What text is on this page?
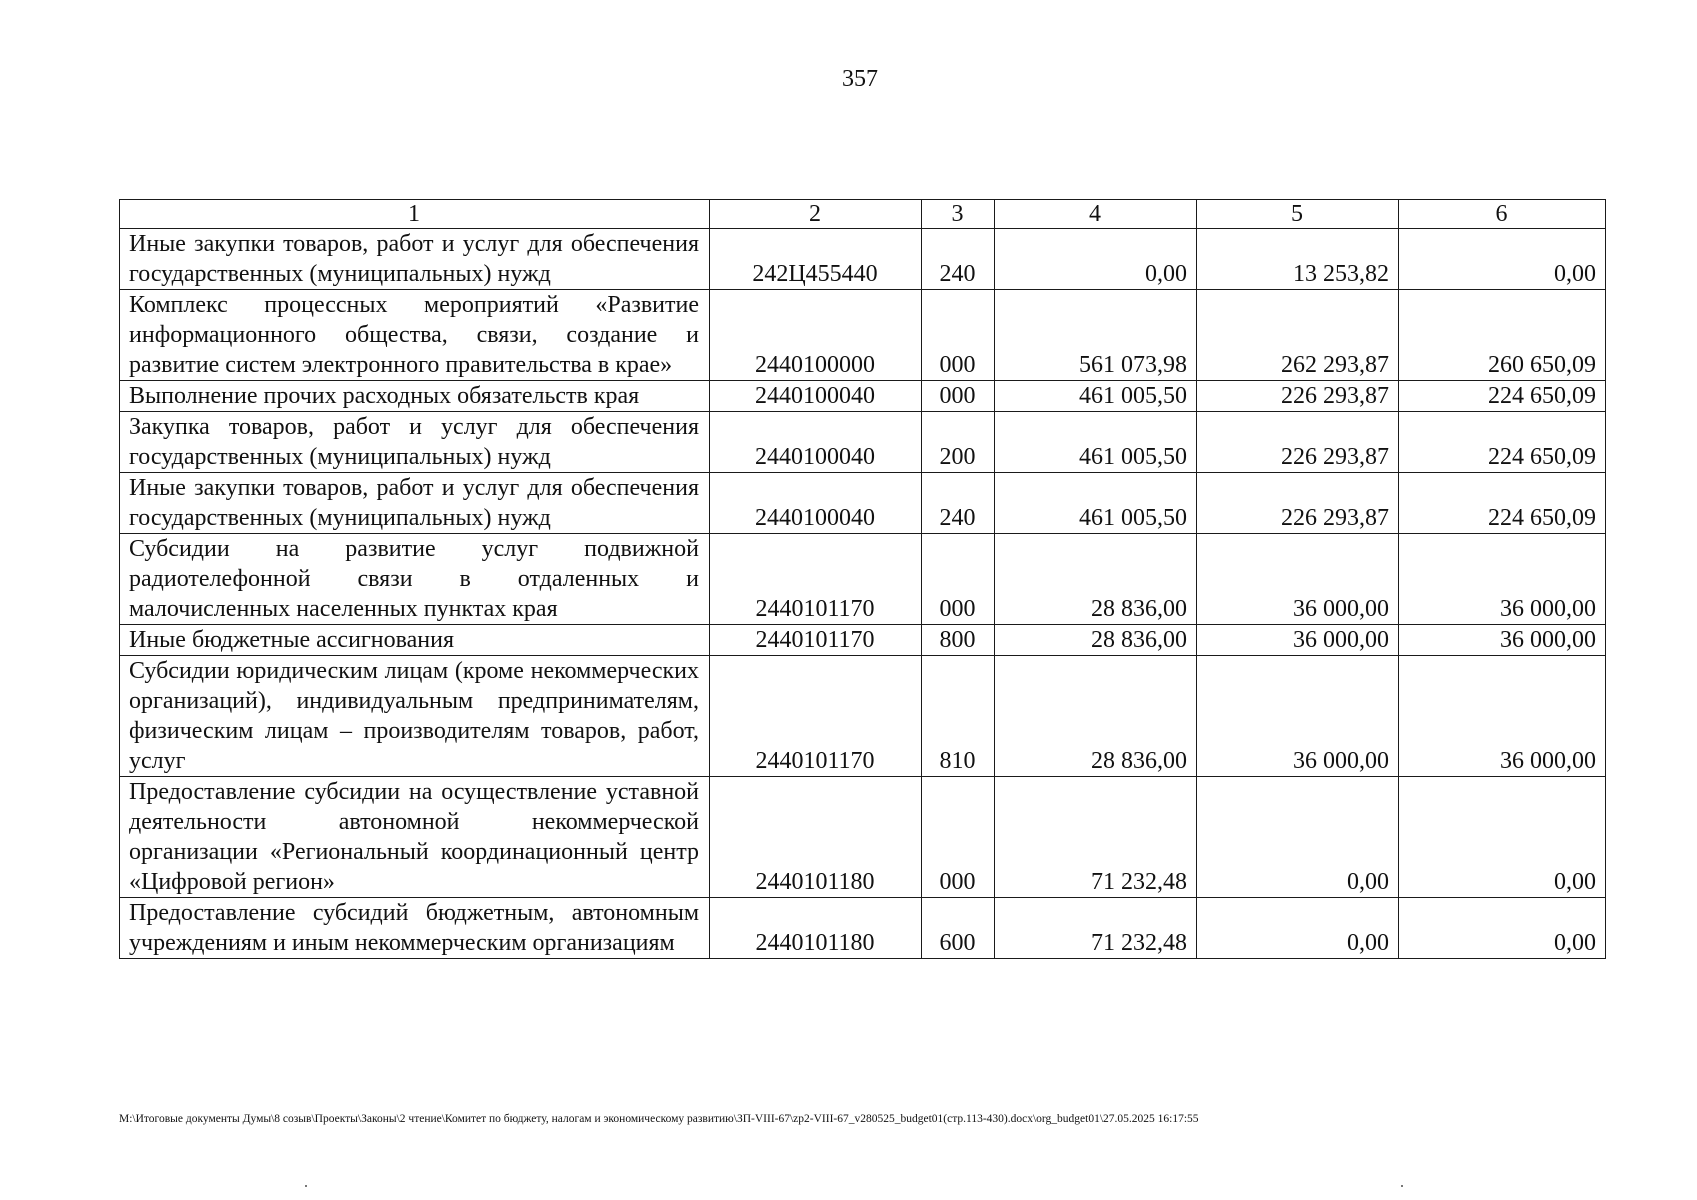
357
1	2	3	4	5	6
Иные закупки товаров, работ и услуг для обеспечения государственных (муниципальных) нужд	242Ц455440	240	0,00	13 253,82	0,00
Комплекс процессных мероприятий «Развитие информационного общества, связи, создание и развитие систем электронного правительства в крае»	2440100000	000	561 073,98	262 293,87	260 650,09
Выполнение прочих расходных обязательств края	2440100040	000	461 005,50	226 293,87	224 650,09
Закупка товаров, работ и услуг для обеспечения государственных (муниципальных) нужд	2440100040	200	461 005,50	226 293,87	224 650,09
Иные закупки товаров, работ и услуг для обеспечения государственных (муниципальных) нужд	2440100040	240	461 005,50	226 293,87	224 650,09
Субсидии на развитие услуг подвижной радиотелефонной связи в отдаленных и малочисленных населенных пунктах края	2440101170	000	28 836,00	36 000,00	36 000,00
Иные бюджетные ассигнования	2440101170	800	28 836,00	36 000,00	36 000,00
Субсидии юридическим лицам (кроме некоммерческих организаций), индивидуальным предпринимателям, физическим лицам – производителям товаров, работ, услуг	2440101170	810	28 836,00	36 000,00	36 000,00
Предоставление субсидии на осуществление уставной деятельности автономной некоммерческой организации «Региональный координационный центр «Цифровой регион»	2440101180	000	71 232,48	0,00	0,00
Предоставление субсидий бюджетным, автономным учреждениям и иным некоммерческим организациям	2440101180	600	71 232,48	0,00	0,00
M:\Итоговые документы Думы\8 созыв\Проекты\Законы\2 чтение\Комитет по бюджету, налогам и экономическому развитию\ЗП-VIII-67\zp2-VIII-67_v280525_budget01(стр.113-430).docx\org_budget01\27.05.2025 16:17:55
